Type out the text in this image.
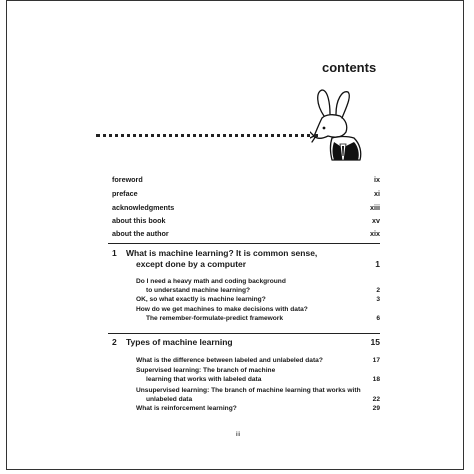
contents
foreword	ix
preface	xi
acknowledgments	xiii
about this book	xv
about the author	xix
1 What is machine learning? It is common sense,

except done by a computer	1
Do I need a heavy math and coding background
to understand machine learning?	2
OK, so what exactly is machine learning?	3
How do we get machines to make decisions with data?
The remember-formulate-predict framework	6
2 Types of machine learning	15
What is the difference between labeled and unlabeled data?	17
Supervised learning: The branch of machine
learning that works with labeled data	18
Unsupervised learning: The branch of machine learning that works with
unlabeled data	22
What is reinforcement learning?	29
iii
